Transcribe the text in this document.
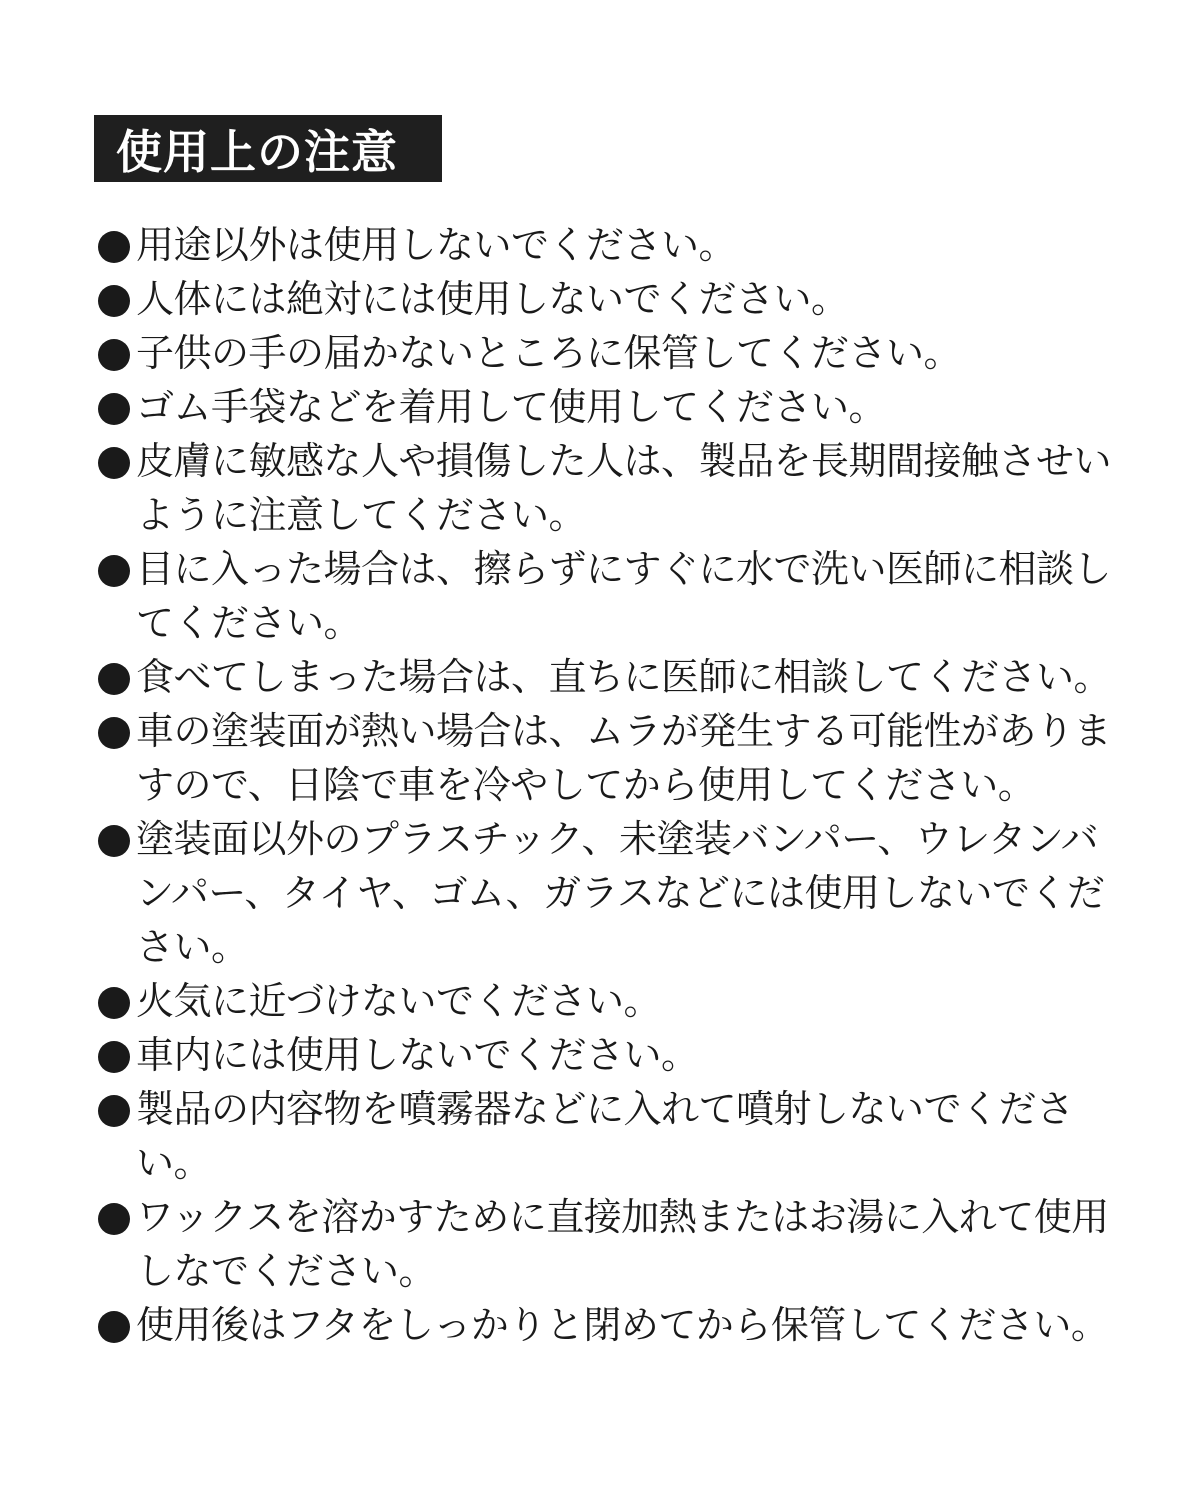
使用上の注意
用途以外は使用しないでください。
人体には絶対には使用しないでください。
子供の手の届かないところに保管してください。
ゴム手袋などを着用して使用してください。
皮膚に敏感な人や損傷した人は、製品を長期間接触させいように注意してください。
目に入った場合は、擦らずにすぐに水で洗い医師に相談してください。
食べてしまった場合は、直ちに医師に相談してください。
車の塗装面が熱い場合は、ムラが発生する可能性がありますので、日陰で車を冷やしてから使用してください。
塗装面以外のプラスチック、未塗装バンパー、ウレタンバンパー、タイヤ、ゴム、ガラスなどには使用しないでください。
火気に近づけないでください。
車内には使用しないでください。
製品の内容物を噴霧器などに入れて噴射しないでください。
ワックスを溶かすために直接加熱またはお湯に入れて使用しなでください。
使用後はフタをしっかりと閉めてから保管してください。
